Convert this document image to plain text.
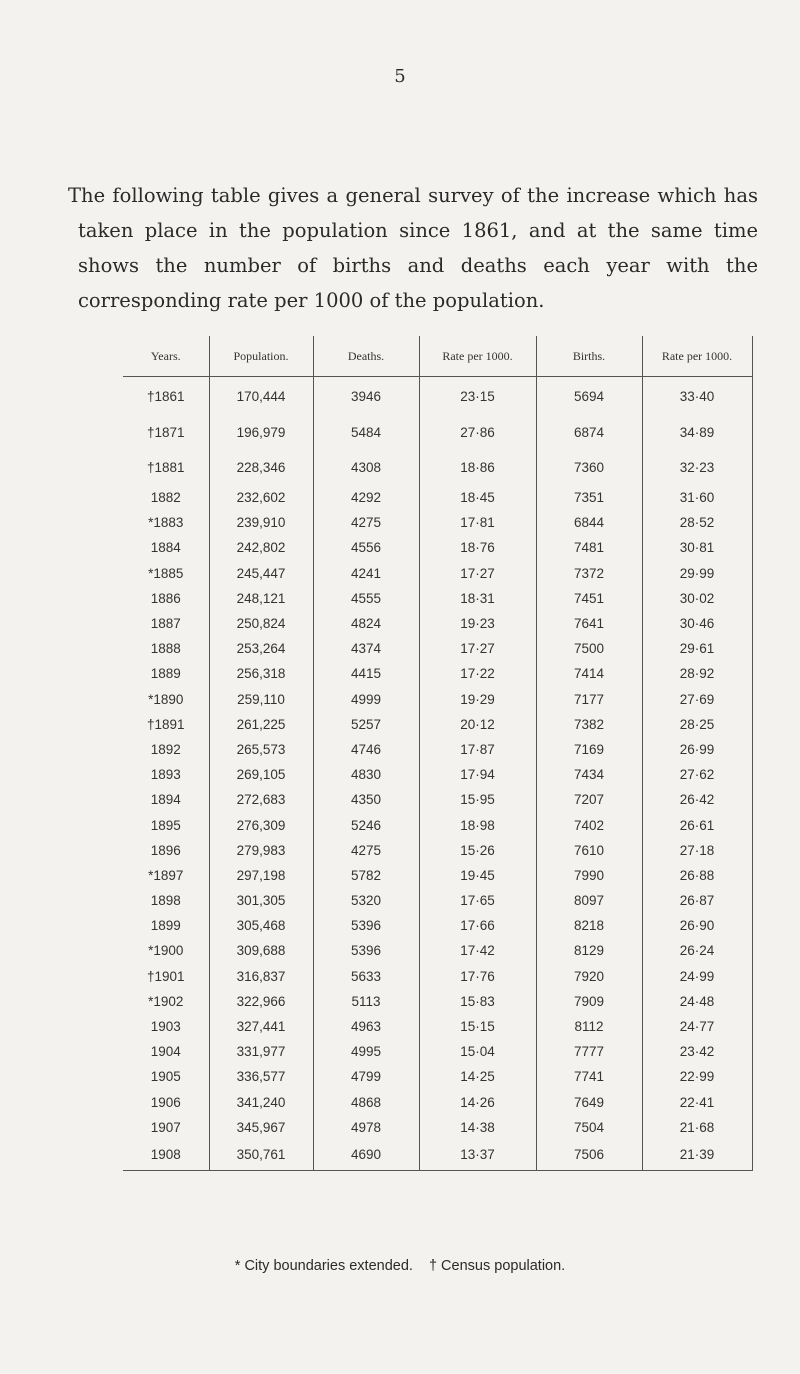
5

The following table gives a general survey of the increase which has taken place in the population since 1861, and at the same time shows the number of births and deaths each year with the corresponding rate per 1000 of the population.

Years.	Population.	Deaths.	Rate per 1000.	Births.	Rate per 1000.
†1861	170,444	3946	23·15	5694	33·40
†1871	196,979	5484	27·86	6874	34·89
†1881	228,346	4308	18·86	7360	32·23
1882	232,602	4292	18·45	7351	31·60
*1883	239,910	4275	17·81	6844	28·52
1884	242,802	4556	18·76	7481	30·81
*1885	245,447	4241	17·27	7372	29·99
1886	248,121	4555	18·31	7451	30·02
1887	250,824	4824	19·23	7641	30·46
1888	253,264	4374	17·27	7500	29·61
1889	256,318	4415	17·22	7414	28·92
*1890	259,110	4999	19·29	7177	27·69
†1891	261,225	5257	20·12	7382	28·25
1892	265,573	4746	17·87	7169	26·99
1893	269,105	4830	17·94	7434	27·62
1894	272,683	4350	15·95	7207	26·42
1895	276,309	5246	18·98	7402	26·61
1896	279,983	4275	15·26	7610	27·18
*1897	297,198	5782	19·45	7990	26·88
1898	301,305	5320	17·65	8097	26·87
1899	305,468	5396	17·66	8218	26·90
*1900	309,688	5396	17·42	8129	26·24
†1901	316,837	5633	17·76	7920	24·99
*1902	322,966	5113	15·83	7909	24·48
1903	327,441	4963	15·15	8112	24·77
1904	331,977	4995	15·04	7777	23·42
1905	336,577	4799	14·25	7741	22·99
1906	341,240	4868	14·26	7649	22·41
1907	345,967	4978	14·38	7504	21·68
1908	350,761	4690	13·37	7506	21·39
* City boundaries extended. † Census population.
